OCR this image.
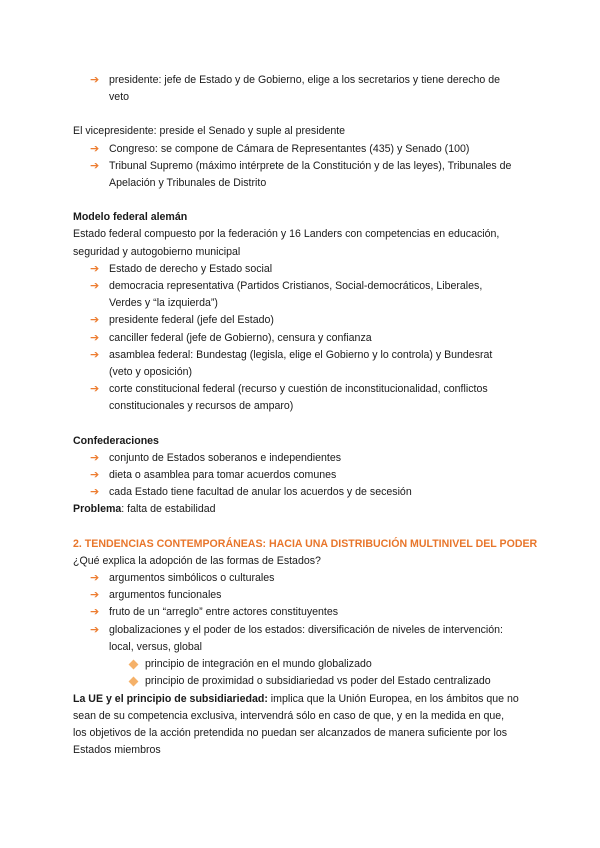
➔ presidente: jefe de Estado y de Gobierno, elige a los secretarios y tiene derecho de
veto
El vicepresidente: preside el Senado y suple al presidente
➔ Congreso: se compone de Cámara de Representantes (435) y Senado (100)
➔ Tribunal Supremo (máximo intérprete de la Constitución y de las leyes), Tribunales de
Apelación y Tribunales de Distrito
Modelo federal alemán
Estado federal compuesto por la federación y 16 Landers con competencias en educación,
seguridad y autogobierno municipal
➔ Estado de derecho y Estado social
➔ democracia representativa (Partidos Cristianos, Social-democráticos, Liberales,
Verdes y “la izquierda”)
➔ presidente federal (jefe del Estado)
➔ canciller federal (jefe de Gobierno), censura y confianza
➔ asamblea federal: Bundestag (legisla, elige el Gobierno y lo controla) y Bundesrat
(veto y oposición)
➔ corte constitucional federal (recurso y cuestión de inconstitucionalidad, conflictos
constitucionales y recursos de amparo)
Confederaciones
➔ conjunto de Estados soberanos e independientes
➔ dieta o asamblea para tomar acuerdos comunes
➔ cada Estado tiene facultad de anular los acuerdos y de secesión
Problema: falta de estabilidad
2. TENDENCIAS CONTEMPORÁNEAS: HACIA UNA DISTRIBUCIÓN MULTINIVEL DEL PODER
¿Qué explica la adopción de las formas de Estados?
➔ argumentos simbólicos o culturales
➔ argumentos funcionales
➔ fruto de un “arreglo” entre actores constituyentes
➔ globalizaciones y el poder de los estados: diversificación de niveles de intervención:
local, versus, global
principio de integración en el mundo globalizado
principio de proximidad o subsidiariedad vs poder del Estado centralizado
La UE y el principio de subsidiariedad: implica que la Unión Europea, en los ámbitos que no
sean de su competencia exclusiva, intervendrá sólo en caso de que, y en la medida en que,
los objetivos de la acción pretendida no puedan ser alcanzados de manera suficiente por los
Estados miembros
